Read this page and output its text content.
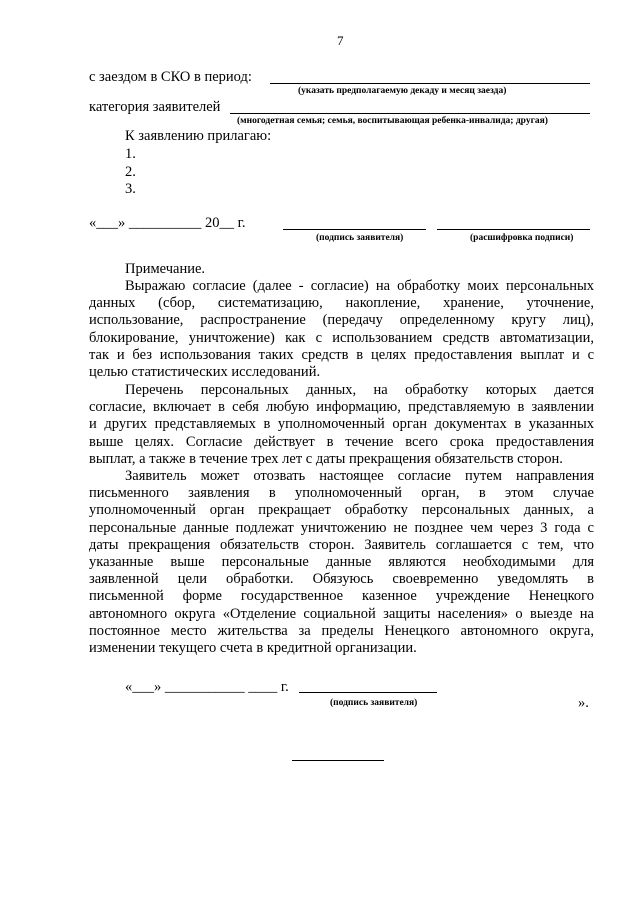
7
с заездом в СКО в период:
(указать предполагаемую декаду и месяц заезда)
категория заявителей
(многодетная семья; семья, воспитывающая ребенка-инвалида; другая)
К заявлению прилагаю:
1.
2.
3.
«___» __________ 20__ г.
(подпись заявителя)	(расшифровка подписи)
Примечание.
Выражаю согласие (далее - согласие) на обработку моих персональных
данных (сбор, систематизацию, накопление, хранение, уточнение,
использование, распространение (передачу определенному кругу лиц),
блокирование, уничтожение) как с использованием средств автоматизации,
так и без использования таких средств в целях предоставления выплат и с
целью статистических исследований.
Перечень персональных данных, на обработку которых дается
согласие, включает в себя любую информацию, представляемую в заявлении
и других представляемых в уполномоченный орган документах в указанных
выше целях. Согласие действует в течение всего срока предоставления
выплат, а также в течение трех лет с даты прекращения обязательств сторон.
Заявитель может отозвать настоящее согласие путем направления
письменного заявления в уполномоченный орган, в этом случае
уполномоченный орган прекращает обработку персональных данных, а
персональные данные подлежат уничтожению не позднее чем через 3 года с
даты прекращения обязательств сторон. Заявитель соглашается с тем, что
указанные выше персональные данные являются необходимыми для
заявленной цели обработки. Обязуюсь своевременно уведомлять в
письменной форме государственное казенное учреждение Ненецкого
автономного округа «Отделение социальной защиты населения» о выезде на
постоянное место жительства за пределы Ненецкого автономного округа,
изменении текущего счета в кредитной организации.
«___» ___________ ____ г.
(подпись заявителя)	».
